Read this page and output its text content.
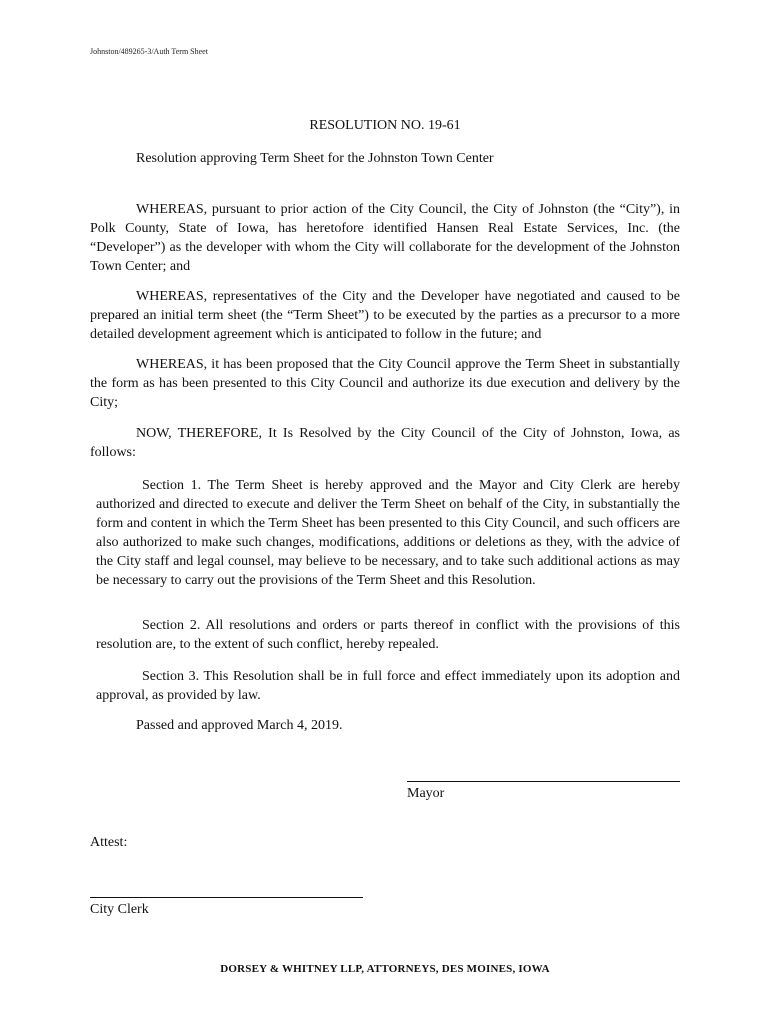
Johnston/489265-3/Auth Term Sheet
RESOLUTION NO. 19-61
Resolution approving Term Sheet for the Johnston Town Center

WHEREAS, pursuant to prior action of the City Council, the City of Johnston (the “City”), in Polk County, State of Iowa, has heretofore identified Hansen Real Estate Services, Inc. (the “Developer”) as the developer with whom the City will collaborate for the development of the Johnston Town Center; and

WHEREAS, representatives of the City and the Developer have negotiated and caused to be prepared an initial term sheet (the “Term Sheet”) to be executed by the parties as a precursor to a more detailed development agreement which is anticipated to follow in the future; and

WHEREAS, it has been proposed that the City Council approve the Term Sheet in substantially the form as has been presented to this City Council and authorize its due execution and delivery by the City;

NOW, THEREFORE, It Is Resolved by the City Council of the City of Johnston, Iowa, as follows:

Section 1. The Term Sheet is hereby approved and the Mayor and City Clerk are hereby authorized and directed to execute and deliver the Term Sheet on behalf of the City, in substantially the form and content in which the Term Sheet has been presented to this City Council, and such officers are also authorized to make such changes, modifications, additions or deletions as they, with the advice of the City staff and legal counsel, may believe to be necessary, and to take such additional actions as may be necessary to carry out the provisions of the Term Sheet and this Resolution.

Section 2. All resolutions and orders or parts thereof in conflict with the provisions of this resolution are, to the extent of such conflict, hereby repealed.

Section 3. This Resolution shall be in full force and effect immediately upon its adoption and approval, as provided by law.

Passed and approved March 4, 2019.
Mayor
Attest:
City Clerk
DORSEY & WHITNEY LLP, ATTORNEYS, DES MOINES, IOWA
